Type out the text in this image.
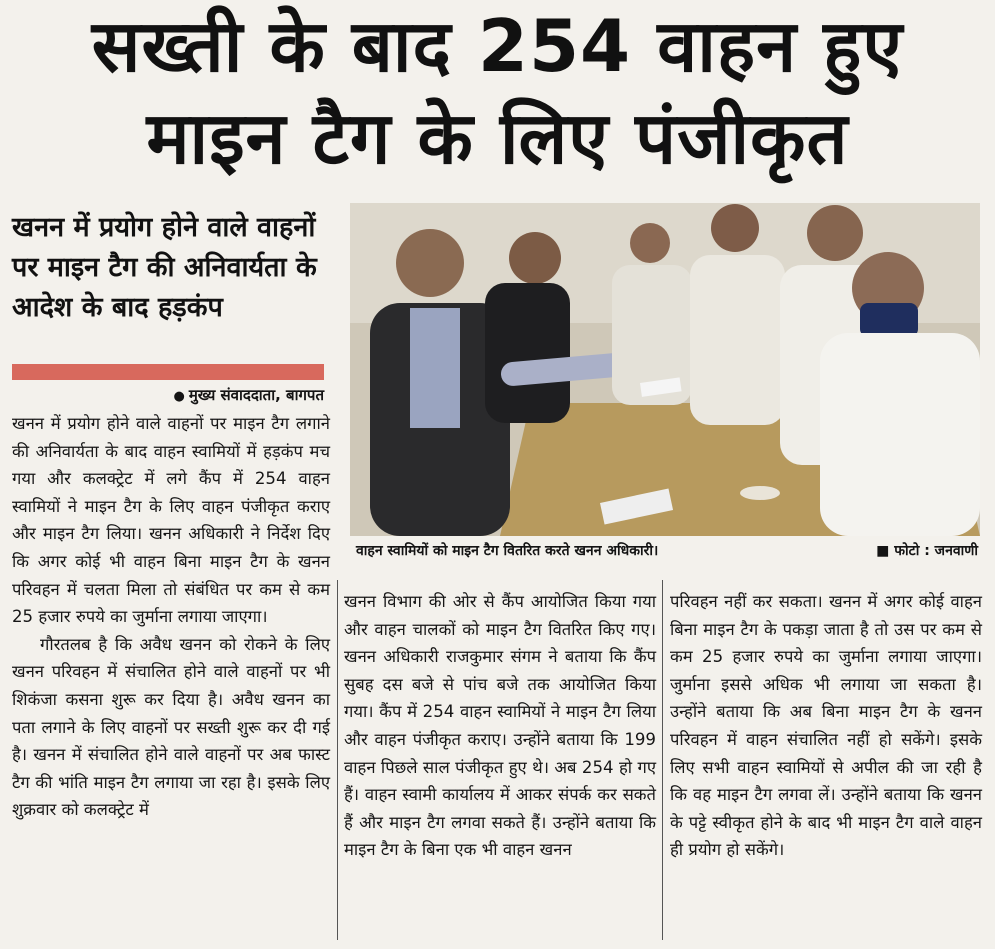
सख्ती के बाद 254 वाहन हुए
माइन टैग के लिए पंजीकृत
खनन में प्रयोग होने वाले वाहनों पर माइन टैग की अनिवार्यता के आदेश के बाद हड़कंप
● मुख्य संवाददाता, बागपत
वाहन स्वामियों को माइन टैग वितरित करते खनन अधिकारी।	■ फोटो : जनवाणी

खनन में प्रयोग होने वाले वाहनों पर माइन टैग लगाने की अनिवार्यता के बाद वाहन स्वामियों में हड़कंप मच गया और कलक्ट्रेट में लगे कैंप में 254 वाहन स्वामियों ने माइन टैग के लिए वाहन पंजीकृत कराए और माइन टैग लिया। खनन अधिकारी ने निर्देश दिए कि अगर कोई भी वाहन बिना माइन टैग के खनन परिवहन में चलता मिला तो संबंधित पर कम से कम 25 हजार रुपये का जुर्माना लगाया जाएगा।

गौरतलब है कि अवैध खनन को रोकने के लिए खनन परिवहन में संचालित होने वाले वाहनों पर भी शिकंजा कसना शुरू कर दिया है। अवैध खनन का पता लगाने के लिए वाहनों पर सख्ती शुरू कर दी गई है। खनन में संचालित होने वाले वाहनों पर अब फास्ट टैग की भांति माइन टैग लगाया जा रहा है। इसके लिए शुक्रवार को कलक्ट्रेट में

खनन विभाग की ओर से कैंप आयोजित किया गया और वाहन चालकों को माइन टैग वितरित किए गए। खनन अधिकारी राजकुमार संगम ने बताया कि कैंप सुबह दस बजे से पांच बजे तक आयोजित किया गया। कैंप में 254 वाहन स्वामियों ने माइन टैग लिया और वाहन पंजीकृत कराए। उन्होंने बताया कि 199 वाहन पिछले साल पंजीकृत हुए थे। अब 254 हो गए हैं। वाहन स्वामी कार्यालय में आकर संपर्क कर सकते हैं और माइन टैग लगवा सकते हैं। उन्होंने बताया कि माइन टैग के बिना एक भी वाहन खनन

परिवहन नहीं कर सकता। खनन में अगर कोई वाहन बिना माइन टैग के पकड़ा जाता है तो उस पर कम से कम 25 हजार रुपये का जुर्माना लगाया जाएगा। जुर्माना इससे अधिक भी लगाया जा सकता है। उन्होंने बताया कि अब बिना माइन टैग के खनन परिवहन में वाहन संचालित नहीं हो सकेंगे। इसके लिए सभी वाहन स्वामियों से अपील की जा रही है कि वह माइन टैग लगवा लें। उन्होंने बताया कि खनन के पट्टे स्वीकृत होने के बाद भी माइन टैग वाले वाहन ही प्रयोग हो सकेंगे।
